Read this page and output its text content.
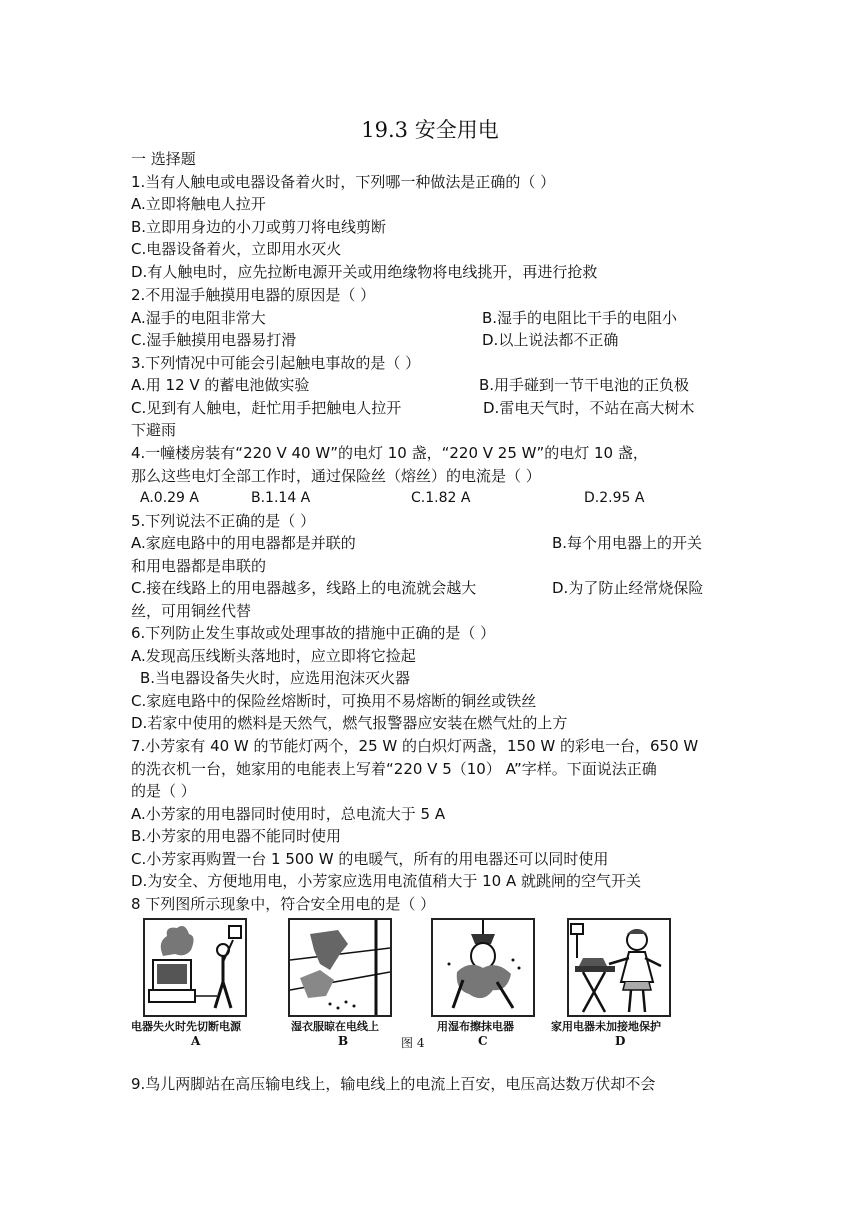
19.3 安全用电
一 选择题
1.当有人触电或电器设备着火时，下列哪一种做法是正确的（ ）
A.立即将触电人拉开
B.立即用身边的小刀或剪刀将电线剪断
C.电器设备着火，立即用水灭火
D.有人触电时，应先拉断电源开关或用绝缘物将电线挑开，再进行抢救
2.不用湿手触摸用电器的原因是（ ）
A.湿手的电阻非常大	B.湿手的电阻比干手的电阻小
C.湿手触摸用电器易打滑	D.以上说法都不正确
3.下列情况中可能会引起触电事故的是（ ）
A.用 12 V 的蓄电池做实验	B.用手碰到一节干电池的正负极
C.见到有人触电，赶忙用手把触电人拉开	D.雷电天气时，不站在高大树木
下避雨
4.一幢楼房装有“220 V 40 W”的电灯 10 盏，“220 V 25 W”的电灯 10 盏，
那么这些电灯全部工作时，通过保险丝（熔丝）的电流是（ ）
A.0.29 A	B.1.14 A	C.1.82 A	D.2.95 A
5.下列说法不正确的是（ ）
A.家庭电路中的用电器都是并联的	B.每个用电器上的开关
和用电器都是串联的
C.接在线路上的用电器越多，线路上的电流就会越大	D.为了防止经常烧保险
丝，可用铜丝代替
6.下列防止发生事故或处理事故的措施中正确的是（ ）
A.发现高压线断头落地时，应立即将它捡起
B.当电器设备失火时，应选用泡沫灭火器
C.家庭电路中的保险丝熔断时，可换用不易熔断的铜丝或铁丝
D.若家中使用的燃料是天然气，燃气报警器应安装在燃气灶的上方
7.小芳家有 40 W 的节能灯两个，25 W 的白炽灯两盏，150 W 的彩电一台，650 W
的洗衣机一台，她家用的电能表上写着“220 V 5（10） A”字样。下面说法正确
的是（ ）
A.小芳家的用电器同时使用时，总电流大于 5 A
B.小芳家的用电器不能同时使用
C.小芳家再购置一台 1 500 W 的电暖气，所有的用电器还可以同时使用
D.为安全、方便地用电，小芳家应选用电流值稍大于 10 A 就跳闸的空气开关
8 下列图所示现象中，符合安全用电的是（ ）
电器失火时先切断电源	湿衣服晾在电线上	用湿布擦抹电器	家用电器未加接地保护
A	B	图 4	C	D
9.鸟儿两脚站在高压输电线上，输电线上的电流上百安，电压高达数万伏却不会
